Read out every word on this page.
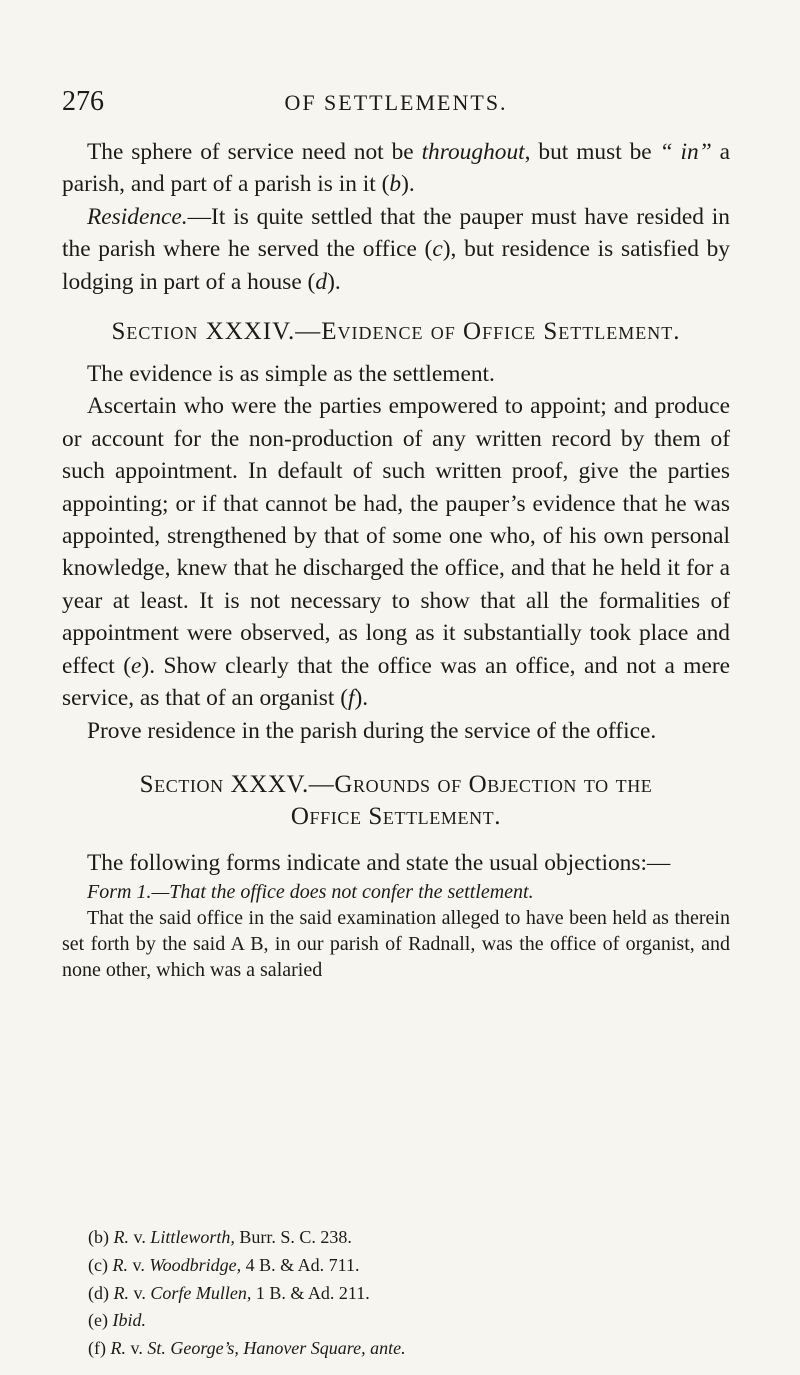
276	OF SETTLEMENTS.

The sphere of service need not be throughout, but must be “ in” a parish, and part of a parish is in it (b).

Residence.—It is quite settled that the pauper must have resided in the parish where he served the office (c), but residence is satisfied by lodging in part of a house (d).

Section XXXIV.—Evidence of Office Settlement.

The evidence is as simple as the settlement.

Ascertain who were the parties empowered to appoint; and produce or account for the non-production of any written record by them of such appointment. In default of such written proof, give the parties appointing; or if that cannot be had, the pauper’s evidence that he was appointed, strengthened by that of some one who, of his own personal knowledge, knew that he discharged the office, and that he held it for a year at least. It is not necessary to show that all the formalities of appointment were observed, as long as it substantially took place and effect (e). Show clearly that the office was an office, and not a mere service, as that of an organist (f).

Prove residence in the parish during the service of the office.

Section XXXV.—Grounds of Objection to the
Office Settlement.

The following forms indicate and state the usual objections:—

Form 1.—That the office does not confer the settlement.

That the said office in the said examination alleged to have been held as therein set forth by the said A B, in our parish of Radnall, was the office of organist, and none other, which was a salaried

(b) R. v. Littleworth, Burr. S. C. 238.
(c) R. v. Woodbridge, 4 B. & Ad. 711.
(d) R. v. Corfe Mullen, 1 B. & Ad. 211.
(e) Ibid.
(f) R. v. St. George’s, Hanover Square, ante.
